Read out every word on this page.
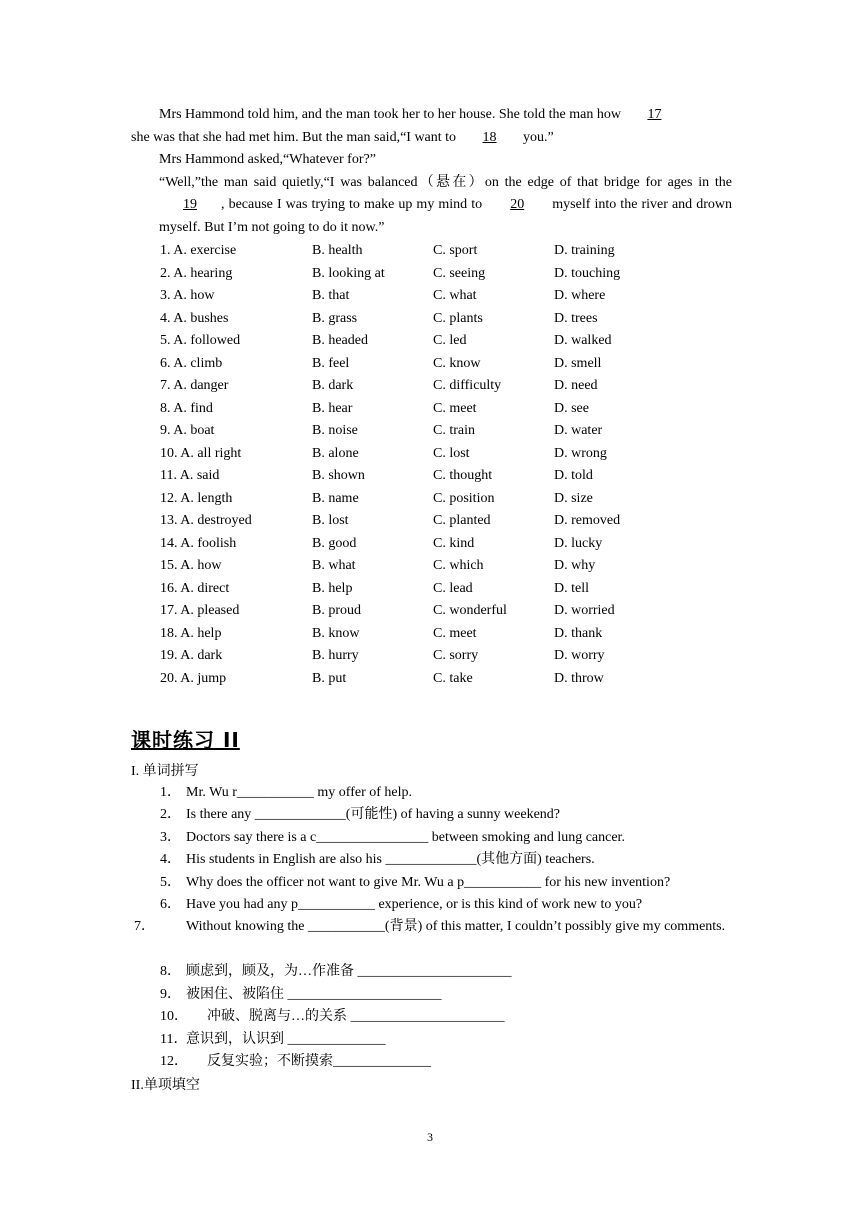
Mrs Hammond told him, and the man took her to her house. She told the man how 17
she was that she had met him. But the man said,“I want to 18 you.”
Mrs Hammond asked,“Whatever for?”
“Well,”the man said quietly,“I was balanced（悬在）on the edge of that bridge for ages in the 19 , because I was trying to make up my mind to 20 myself into the river and drown myself. But I’m not going to do it now.”
1. A. exercise	B. health	C. sport	D. training
2. A. hearing	B. looking at	C. seeing	D. touching
3. A. how	B. that	C. what	D. where
4. A. bushes	B. grass	C. plants	D. trees
5. A. followed	B. headed	C. led	D. walked
6. A. climb	B. feel	C. know	D. smell
7. A. danger	B. dark	C. difficulty	D. need
8. A. find	B. hear	C. meet	D. see
9. A. boat	B. noise	C. train	D. water
10. A. all right	B. alone	C. lost	D. wrong
11. A. said	B. shown	C. thought	D. told
12. A. length	B. name	C. position	D. size
13. A. destroyed	B. lost	C. planted	D. removed
14. A. foolish	B. good	C. kind	D. lucky
15. A. how	B. what	C. which	D. why
16. A. direct	B. help	C. lead	D. tell
17. A. pleased	B. proud	C. wonderful	D. worried
18. A. help	B. know	C. meet	D. thank
19. A. dark	B. hurry	C. sorry	D. worry
20. A. jump	B. put	C. take	D. throw
课时练习 II
I. 单词拼写
1． Mr. Wu r___________ my offer of help.
2． Is there any _____________(可能性) of having a sunny weekend?
3． Doctors say there is a c________________ between smoking and lung cancer.
4． His students in English are also his _____________(其他方面) teachers.
5． Why does the officer not want to give Mr. Wu a p___________ for his new invention?
6． Have you had any p___________ experience, or is this kind of work new to you?
7． Without knowing the ___________(背景) of this matter, I couldn’t possibly give my comments.
8． 顾虑到，顾及，为…作准备 ______________________
9． 被困住、被陷住 ______________________
10．      冲破、脱离与…的关系 ______________________
11．意识到，认识到 ______________
12．      反复实验；不断摸索______________
II.单项填空
3
